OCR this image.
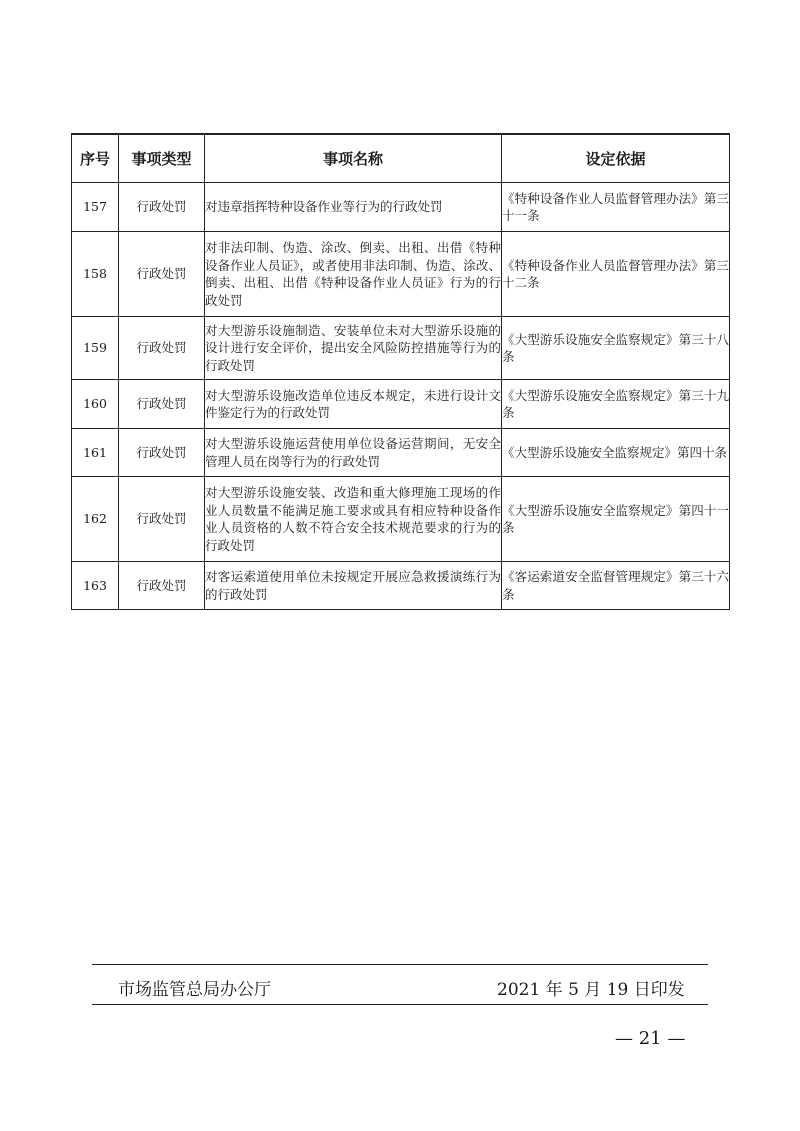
序号	事项类型	事项名称	设定依据
157	行政处罚	对违章指挥特种设备作业等行为的行政处罚	《特种设备作业人员监督管理办法》第三十一条
158	行政处罚	对非法印制、伪造、涂改、倒卖、出租、出借《特种设备作业人员证》，或者使用非法印制、伪造、涂改、倒卖、出租、出借《特种设备作业人员证》行为的行政处罚	《特种设备作业人员监督管理办法》第三十二条
159	行政处罚	对大型游乐设施制造、安装单位未对大型游乐设施的设计进行安全评价，提出安全风险防控措施等行为的行政处罚	《大型游乐设施安全监察规定》第三十八条
160	行政处罚	对大型游乐设施改造单位违反本规定，未进行设计文件鉴定行为的行政处罚	《大型游乐设施安全监察规定》第三十九条
161	行政处罚	对大型游乐设施运营使用单位设备运营期间，无安全管理人员在岗等行为的行政处罚	《大型游乐设施安全监察规定》第四十条
162	行政处罚	对大型游乐设施安装、改造和重大修理施工现场的作业人员数量不能满足施工要求或具有相应特种设备作业人员资格的人数不符合安全技术规范要求的行为的行政处罚	《大型游乐设施安全监察规定》第四十一条
163	行政处罚	对客运索道使用单位未按规定开展应急救援演练行为的行政处罚	《客运索道安全监督管理规定》第三十六条
市场监管总局办公厅	2021 年 5 月 19 日印发
— 21 —
